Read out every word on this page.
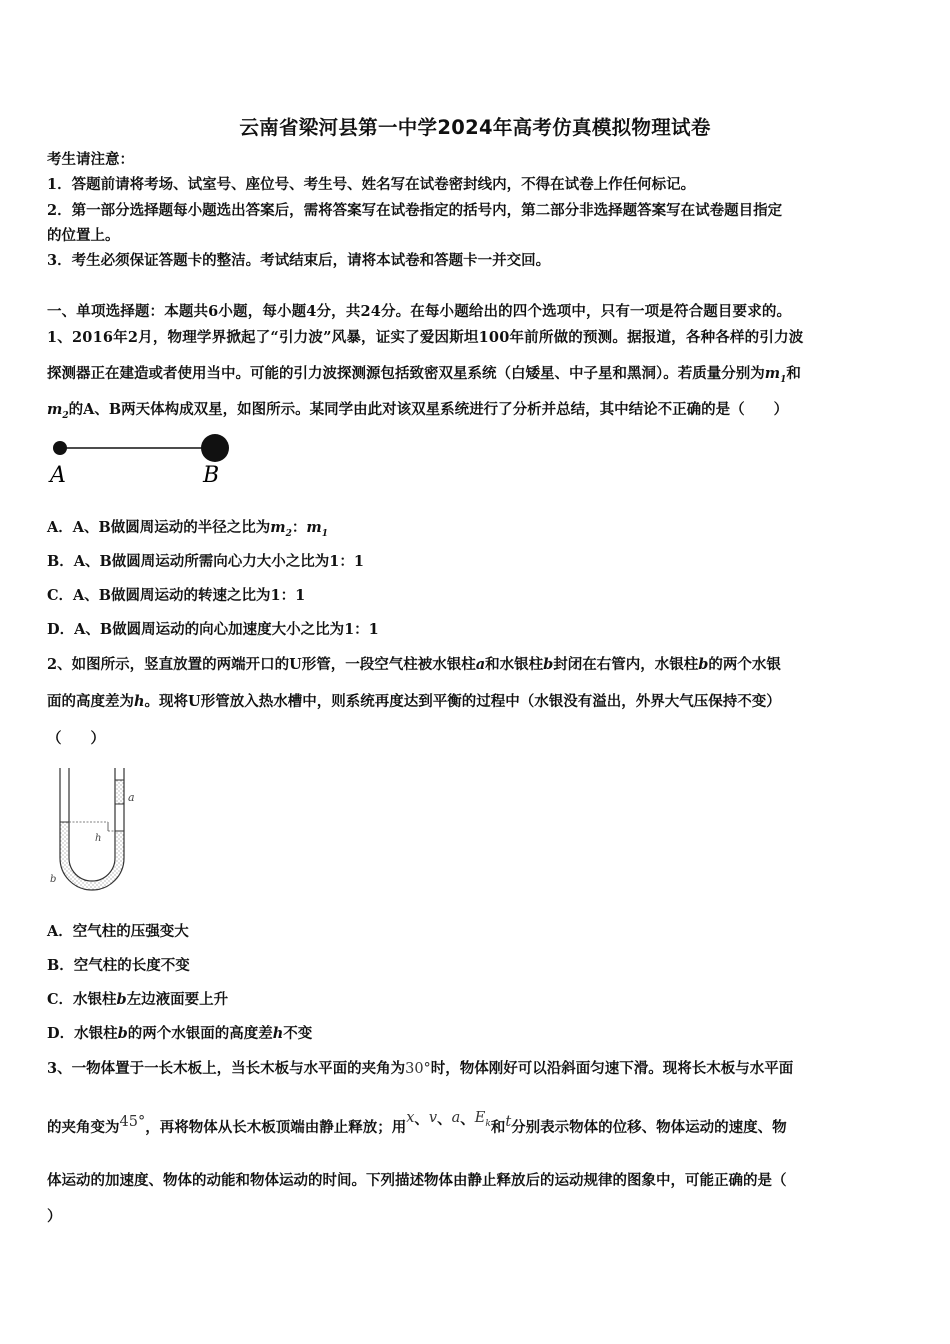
云南省梁河县第一中学2024年高考仿真模拟物理试卷
考生请注意：
1．答题前请将考场、试室号、座位号、考生号、姓名写在试卷密封线内，不得在试卷上作任何标记。
2．第一部分选择题每小题选出答案后，需将答案写在试卷指定的括号内，第二部分非选择题答案写在试卷题目指定
的位置上。
3．考生必须保证答题卡的整洁。考试结束后，请将本试卷和答题卡一并交回。
一、单项选择题：本题共6小题，每小题4分，共24分。在每小题给出的四个选项中，只有一项是符合题目要求的。
1、2016年2月，物理学界掀起了“引力波”风暴，证实了爱因斯坦100年前所做的预测。据报道，各种各样的引力波
探测器正在建造或者使用当中。可能的引力波探测源包括致密双星系统（白矮星、中子星和黑洞）。若质量分别为$m_1$和
$m_2$的A、B两天体构成双星，如图所示。某同学由此对该双星系统进行了分析并总结，其中结论不正确的是（　　）
A	B
A．A、B做圆周运动的半径之比为$m_2$：$m_1$
B．A、B做圆周运动所需向心力大小之比为1：1
C．A、B做圆周运动的转速之比为1：1
D．A、B做圆周运动的向心加速度大小之比为1：1
2、如图所示，竖直放置的两端开口的U形管，一段空气柱被水银柱a和水银柱b封闭在右管内，水银柱b的两个水银
面的高度差为h。现将U形管放入热水槽中，则系统再度达到平衡的过程中（水银没有溢出，外界大气压保持不变）
（　　）
a
h
b
A．空气柱的压强变大
B．空气柱的长度不变
C．水银柱b左边液面要上升
D．水银柱b的两个水银面的高度差h不变
3、一物体置于一长木板上，当长木板与水平面的夹角为30°时，物体刚好可以沿斜面匀速下滑。现将长木板与水平面
的夹角变为45°，再将物体从长木板顶端由静止释放；用x、v、a、$E_k$和t分别表示物体的位移、物体运动的速度、物
体运动的加速度、物体的动能和物体运动的时间。下列描述物体由静止释放后的运动规律的图象中，可能正确的是（
）
